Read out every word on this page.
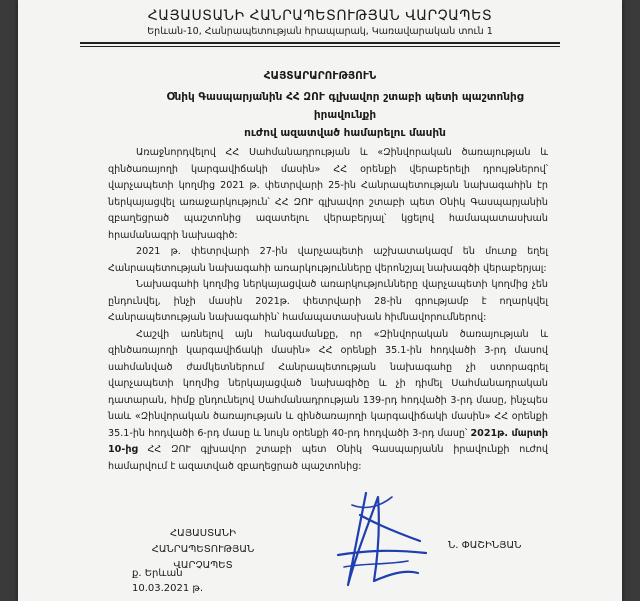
ՀԱՅԱՍՏԱՆԻ ՀԱՆՐԱՊԵՏՈՒԹՅԱՆ ՎԱՐՉԱՊԵՏ
Երևան-10, Հանրապետության հրապարակ, Կառավարական տուն 1
ՀԱՅՏԱՐԱՐՈՒԹՅՈՒՆ
Օնիկ Գասպարյանին ՀՀ ԶՈՒ գլխավոր շտաբի պետի պաշտոնից իրավունքի
ուժով ազատված համարելու մասին

Առաջնորդվելով ՀՀ Սահմանադրության և «Զինվորական ծառայության և զինծառայողի կարգավիճակի մասին» ՀՀ օրենքի վերաբերելի դրույթներով՝ վարչապետի կողմից 2021 թ. փետրվարի 25-ին Հանրապետության նախագահին էր ներկայացվել առաջարկություն՝ ՀՀ ԶՈՒ գլխավոր շտաբի պետ Օնիկ Գասպարյանին զբաղեցրած պաշտոնից ազատելու վերաբերյալ՝ կցելով համապատասխան հրամանագրի նախագիծ:

2021 թ. փետրվարի 27-ին վարչապետի աշխատակազմ են մուտք եղել Հանրապետության նախագահի առարկությունները վերոնշյալ նախագծի վերաբերյալ:

Նախագահի կողմից ներկայացված առարկությունները վարչապետի կողմից չեն ընդունվել, ինչի մասին 2021թ. փետրվարի 28-ին գրությամբ է ողարկվել Հանրապետության նախագահին՝ համապատասխան հիմնավորումներով:

Հաշվի առնելով այն հանգամանքը, որ «Զինվորական ծառայության և զինծառայողի կարգավիճակի մասին» ՀՀ օրենքի 35.1-ին հոդվածի 3-րդ մասով սահմանված ժամկետներում Հանրապետության նախագահը չի ստորագրել վարչապետի կողմից ներկայացված նախագիծը և չի դիմել Սահմանադրական դատարան, հիմք ընդունելով Սահմանադրության 139-րդ հոդվածի 3-րդ մասը, ինչպես նաև «Զինվորական ծառայության և զինծառայողի կարգավիճակի մասին» ՀՀ օրենքի 35.1-ին հոդվածի 6-րդ մասը և նույն օրենքի 40-րդ հոդվածի 3-րդ մասը՝ 2021թ. մարտի 10-ից ՀՀ ԶՈՒ գլխավոր շտաբի պետ Օնիկ Գասպարյանն իրավունքի ուժով համարվում է ազատված զբաղեցրած պաշտոնից:

ՀԱՅԱՍՏԱՆԻ ՀԱՆՐԱՊԵՏՈՒԹՅԱՆ
ՎԱՐՉԱՊԵՏ
Ն. ՓԱՇԻՆՅԱՆ
ք. Երևան
10.03.2021 թ.
